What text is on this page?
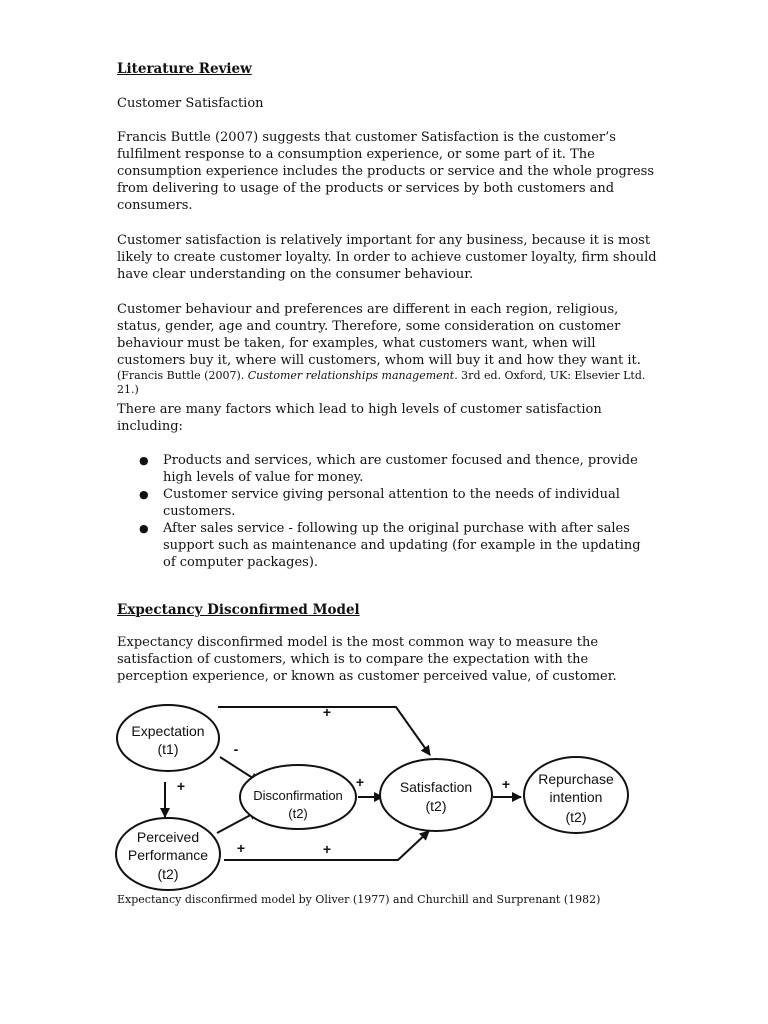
Literature Review

Customer Satisfaction

Francis Buttle (2007) suggests that customer Satisfaction is the customer’s fulfilment response to a consumption experience, or some part of it. The consumption experience includes the products or service and the whole progress from delivering to usage of the products or services by both customers and consumers.

Customer satisfaction is relatively important for any business, because it is most likely to create customer loyalty. In order to achieve customer loyalty, firm should have clear understanding on the consumer behaviour.

Customer behaviour and preferences are different in each region, religious, status, gender, age and country. Therefore, some consideration on customer behaviour must be taken, for examples, what customers want, when will customers buy it, where will customers, whom will buy it and how they want it.

(Francis Buttle (2007). Customer relationships management. 3rd ed. Oxford, UK: Elsevier Ltd. 21.)

There are many factors which lead to high levels of customer satisfaction including:

● Products and services, which are customer focused and thence, provide high levels of value for money.
● Customer service giving personal attention to the needs of individual customers.
● After sales service - following up the original purchase with after sales support such as maintenance and updating (for example in the updating of computer packages).
Expectancy Disconfirmed Model

Expectancy disconfirmed model is the most common way to measure the satisfaction of customers, which is to compare the expectation with the perception experience, or known as customer perceived value, of customer.

Expectation
(t1)
Perceived
Performance
(t2)
Disconfirmation
(t2)
Satisfaction
(t2)
Repurchase
intention
(t2)
+
-
+
+	+
+	+
Expectancy disconfirmed model by Oliver (1977) and Churchill and Surprenant (1982)
